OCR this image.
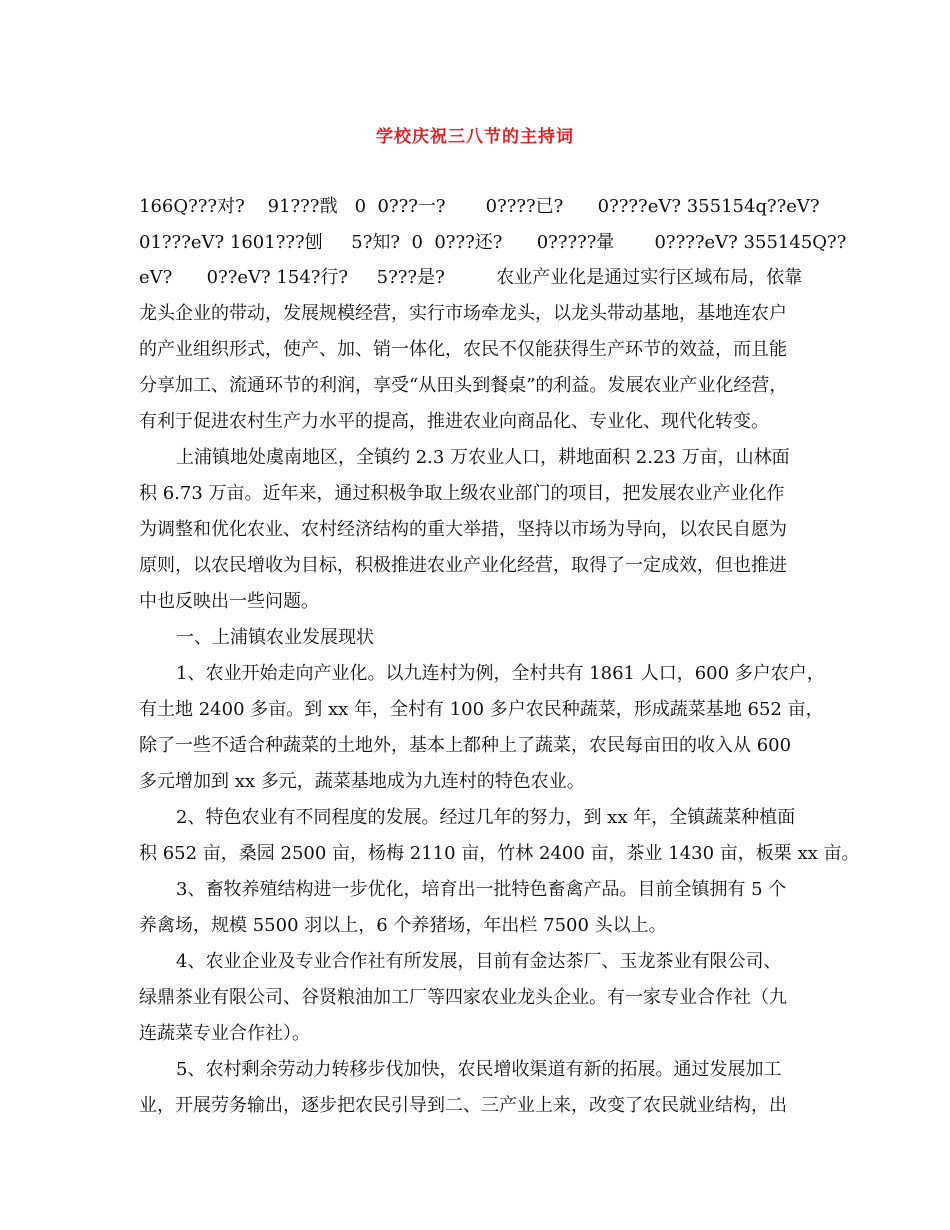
学校庆祝三八节的主持词
166Q???对?    91???戬   0  0???一?       0????已?      0????eV? 355154q??eV?
01???eV? 1601???刨     5?知?  0  0???还?      0?????暈       0????eV? 355145Q??
eV?      0??eV? 154?行?     5???是?         农业产业化是通过实行区域布局，依靠
龙头企业的带动，发展规模经营，实行市场牵龙头，以龙头带动基地，基地连农户
的产业组织形式，使产、加、销一体化，农民不仅能获得生产环节的效益，而且能
分享加工、流通环节的利润，享受“从田头到餐桌”的利益。发展农业产业化经营，
有利于促进农村生产力水平的提高，推进农业向商品化、专业化、现代化转变。
上浦镇地处虞南地区，全镇约 2.3 万农业人口，耕地面积 2.23 万亩，山林面
积 6.73 万亩。近年来，通过积极争取上级农业部门的项目，把发展农业产业化作
为调整和优化农业、农村经济结构的重大举措，坚持以市场为导向，以农民自愿为
原则，以农民增收为目标，积极推进农业产业化经营，取得了一定成效，但也推进
中也反映出一些问题。
一、上浦镇农业发展现状
1、农业开始走向产业化。以九连村为例，全村共有 1861 人口，600 多户农户，
有土地 2400 多亩。到 xx 年，全村有 100 多户农民种蔬菜，形成蔬菜基地 652 亩，
除了一些不适合种蔬菜的土地外，基本上都种上了蔬菜，农民每亩田的收入从 600
多元增加到 xx 多元，蔬菜基地成为九连村的特色农业。
2、特色农业有不同程度的发展。经过几年的努力，到 xx 年，全镇蔬菜种植面
积 652 亩，桑园 2500 亩，杨梅 2110 亩，竹林 2400 亩，茶业 1430 亩，板栗 xx 亩。
3、畜牧养殖结构进一步优化，培育出一批特色畜禽产品。目前全镇拥有 5 个
养禽场，规模 5500 羽以上，6 个养猪场，年出栏 7500 头以上。
4、农业企业及专业合作社有所发展，目前有金达茶厂、玉龙茶业有限公司、
绿鼎茶业有限公司、谷贤粮油加工厂等四家农业龙头企业。有一家专业合作社（九
连蔬菜专业合作社）。
5、农村剩余劳动力转移步伐加快，农民增收渠道有新的拓展。通过发展加工
业，开展劳务输出，逐步把农民引导到二、三产业上来，改变了农民就业结构，出
